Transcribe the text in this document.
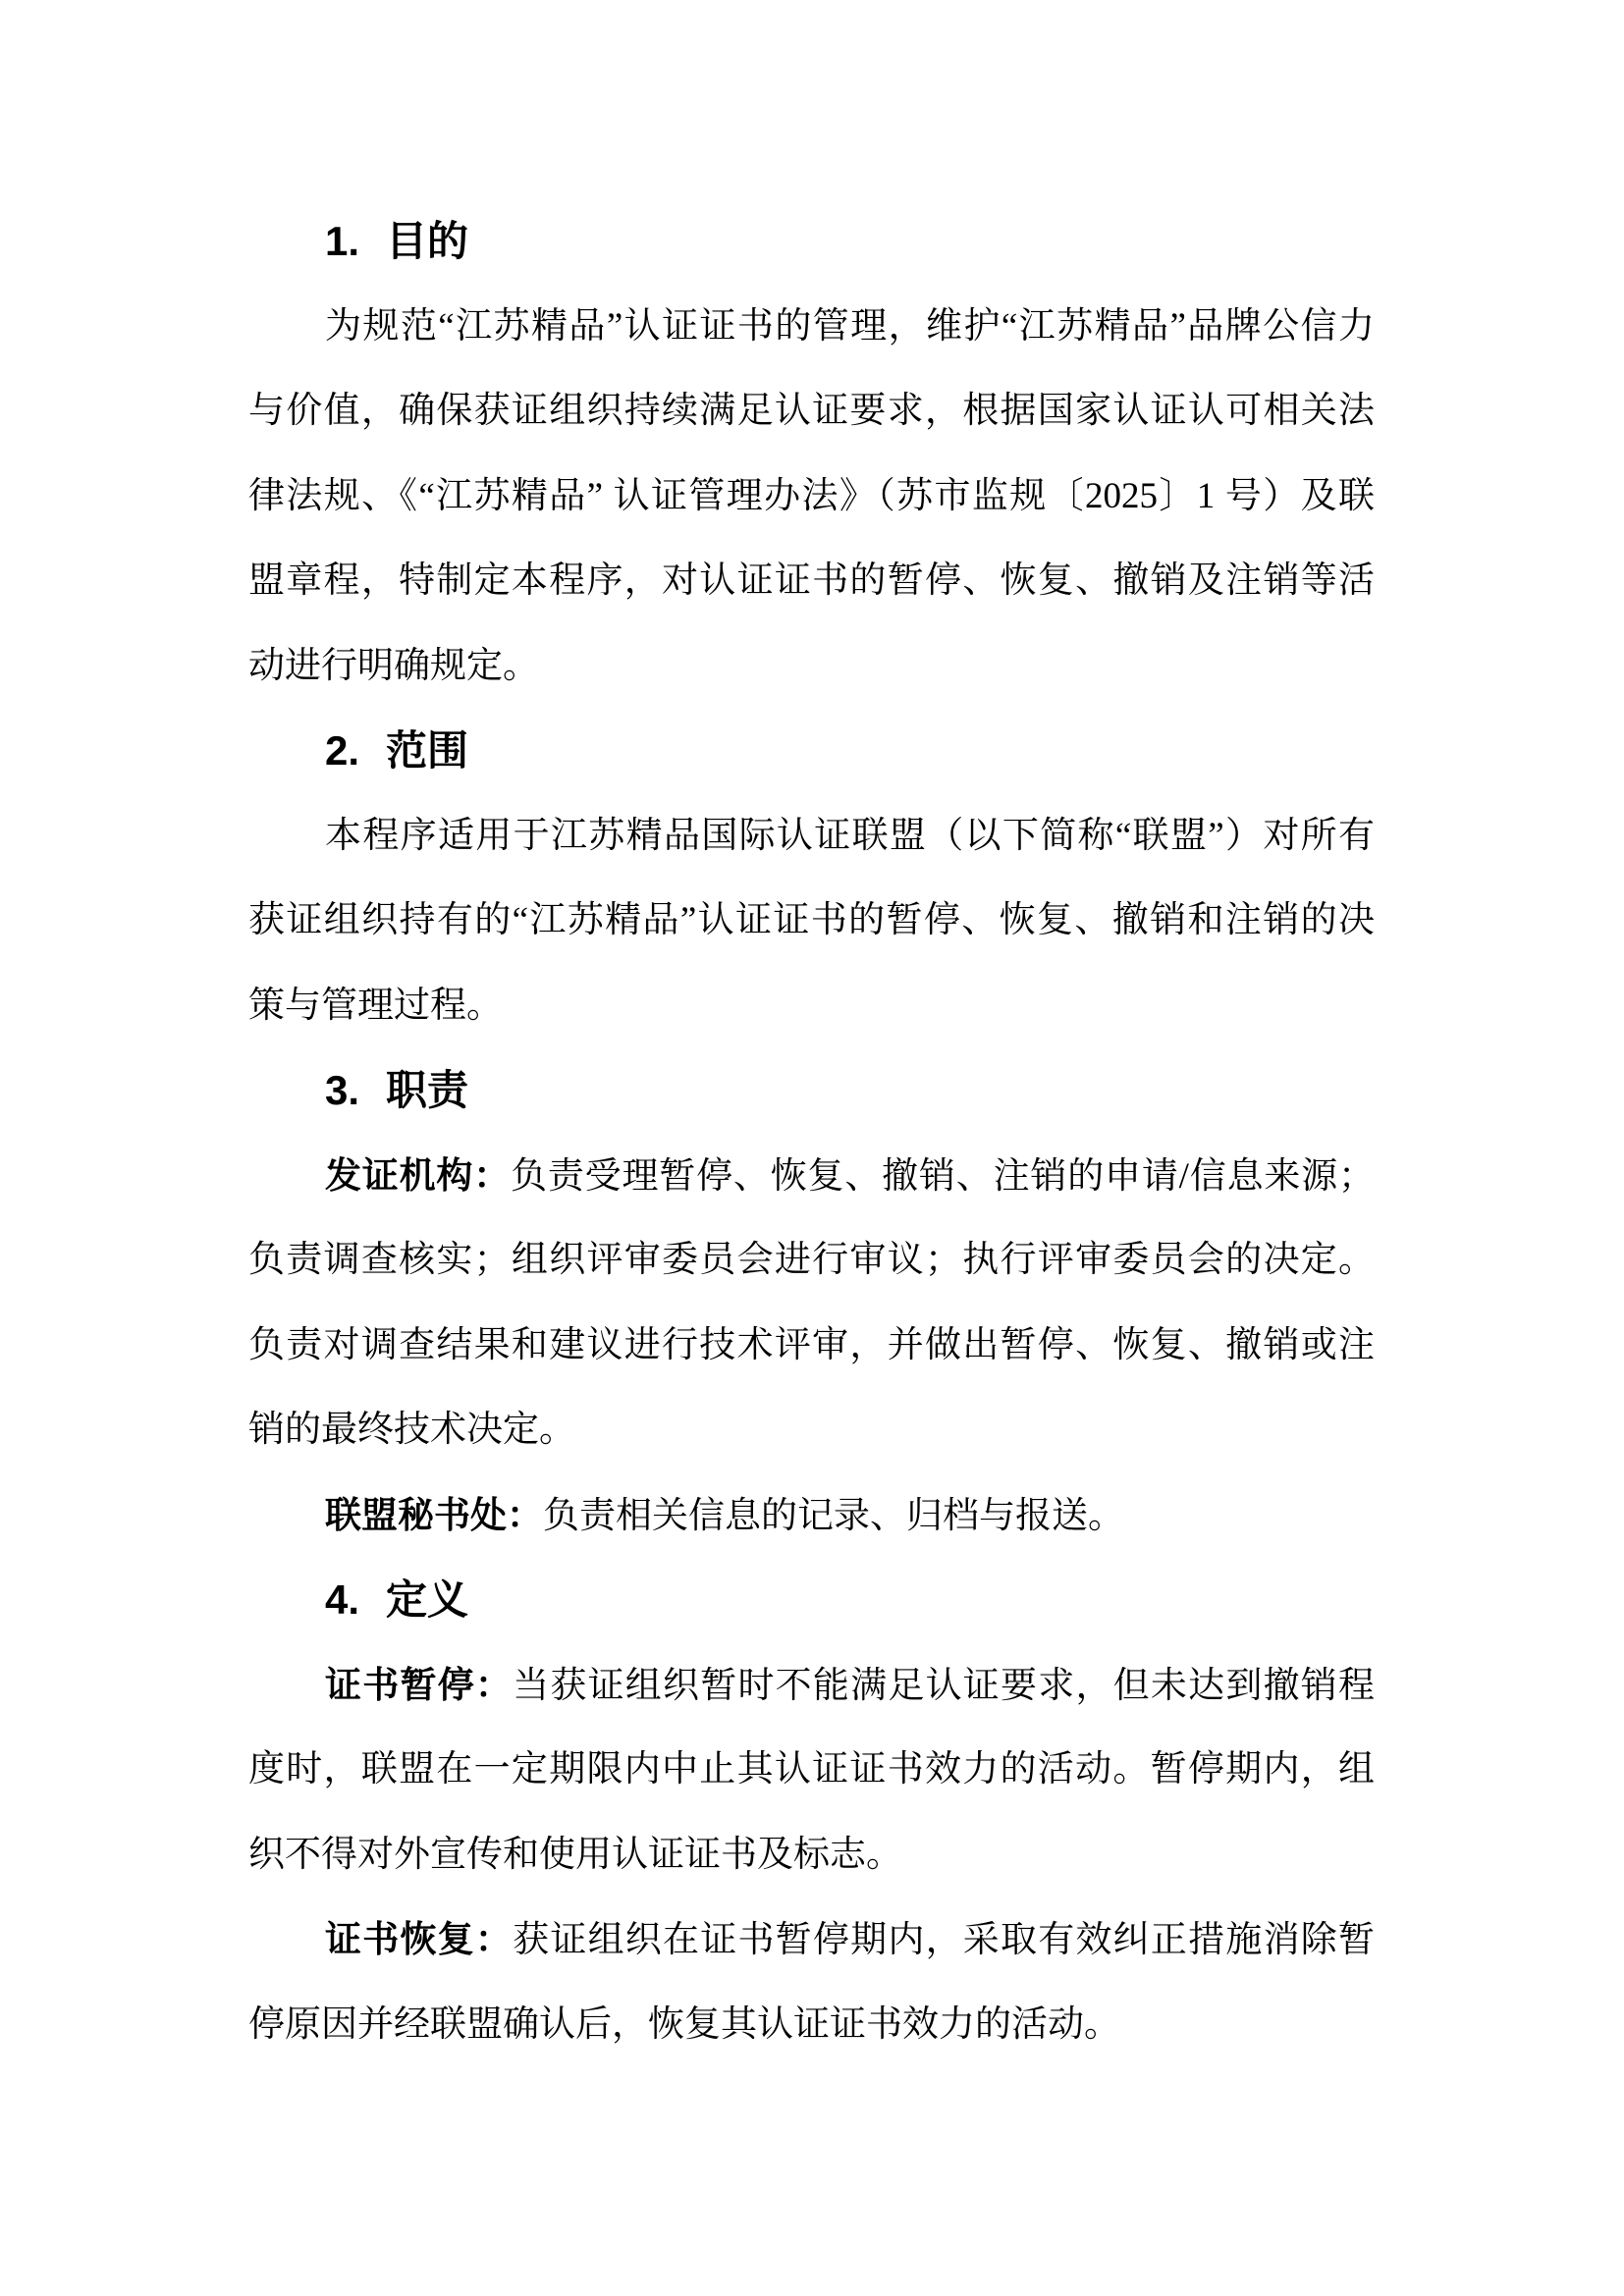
1. 目的
为规范“江苏精品”认证证书的管理，维护“江苏精品”品牌公信力
与价值，确保获证组织持续满足认证要求，根据国家认证认可相关法
律法规、《“江苏精品” 认证管理办法》（苏市监规〔2025〕1 号）及联
盟章程，特制定本程序，对认证证书的暂停、恢复、撤销及注销等活
动进行明确规定。
2. 范围
本程序适用于江苏精品国际认证联盟（以下简称“联盟”）对所有
获证组织持有的“江苏精品”认证证书的暂停、恢复、撤销和注销的决
策与管理过程。
3. 职责
发证机构：负责受理暂停、恢复、撤销、注销的申请/信息来源；
负责调查核实；组织评审委员会进行审议；执行评审委员会的决定。
负责对调查结果和建议进行技术评审，并做出暂停、恢复、撤销或注
销的最终技术决定。
联盟秘书处：负责相关信息的记录、归档与报送。
4. 定义
证书暂停：当获证组织暂时不能满足认证要求，但未达到撤销程
度时，联盟在一定期限内中止其认证证书效力的活动。暂停期内，组
织不得对外宣传和使用认证证书及标志。
证书恢复：获证组织在证书暂停期内，采取有效纠正措施消除暂
停原因并经联盟确认后，恢复其认证证书效力的活动。
